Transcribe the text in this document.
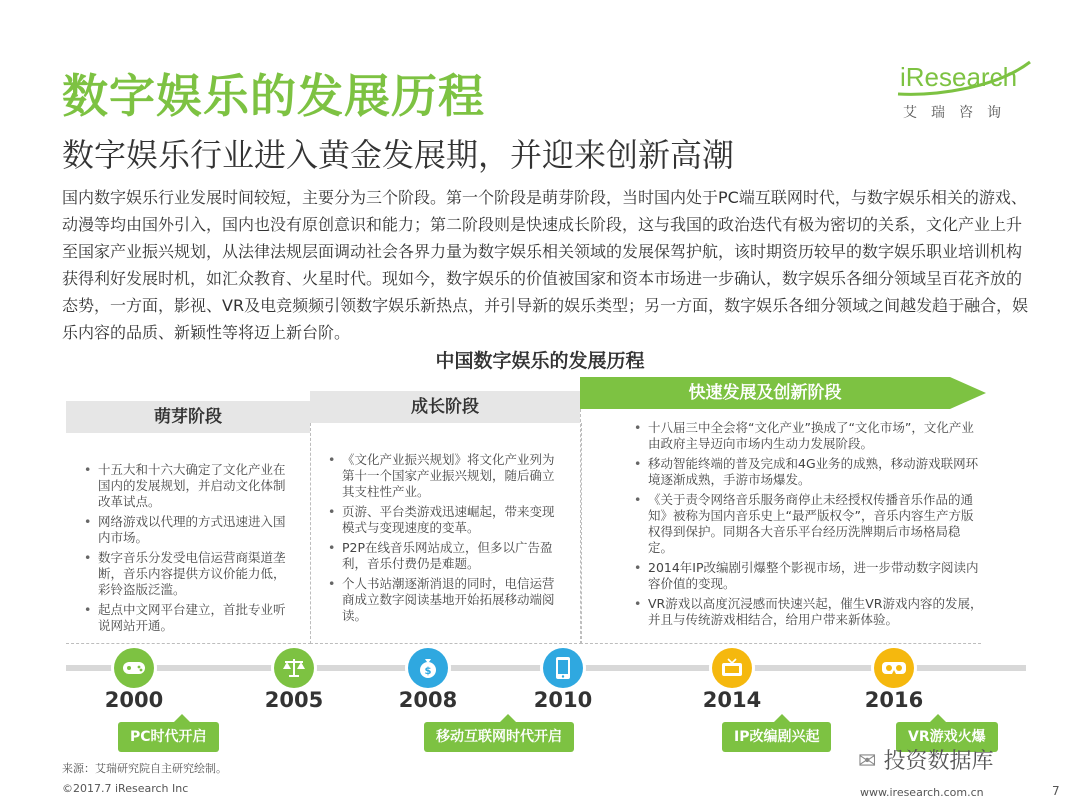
数字娱乐的发展历程
数字娱乐行业进入黄金发展期，并迎来创新高潮
iResearch
艾瑞咨询
国内数字娱乐行业发展时间较短，主要分为三个阶段。第一个阶段是萌芽阶段，当时国内处于PC端互联网时代，与数字娱乐相关的游戏、动漫等均由国外引入，国内也没有原创意识和能力；第二阶段则是快速成长阶段，这与我国的政治迭代有极为密切的关系，文化产业上升至国家产业振兴规划，从法律法规层面调动社会各界力量为数字娱乐相关领域的发展保驾护航，该时期资历较早的数字娱乐职业培训机构获得利好发展时机，如汇众教育、火星时代。现如今，数字娱乐的价值被国家和资本市场进一步确认，数字娱乐各细分领域呈百花齐放的态势，一方面，影视、VR及电竞频频引领数字娱乐新热点，并引导新的娱乐类型；另一方面，数字娱乐各细分领域之间越发趋于融合，娱乐内容的品质、新颖性等将迈上新台阶。
中国数字娱乐的发展历程
萌芽阶段	成长阶段
快速发展及创新阶段
• 十五大和十六大确定了文化产业在国内的发展规划，并启动文化体制改革试点。
• 网络游戏以代理的方式迅速进入国内市场。
• 数字音乐分发受电信运营商渠道垄断，音乐内容提供方议价能力低，彩铃盗版泛滥。
• 起点中文网平台建立，首批专业听说网站开通。
• 《文化产业振兴规划》将文化产业列为第十一个国家产业振兴规划，随后确立其支柱性产业。
• 页游、平台类游戏迅速崛起，带来变现模式与变现速度的变革。
• P2P在线音乐网站成立，但多以广告盈利，音乐付费仍是难题。
• 个人书站潮逐渐消退的同时，电信运营商成立数字阅读基地开始拓展移动端阅读。
• 十八届三中全会将“文化产业”换成了“文化市场”，文化产业由政府主导迈向市场内生动力发展阶段。
• 移动智能终端的普及完成和4G业务的成熟，移动游戏联网环境逐渐成熟，手游市场爆发。
• 《关于责令网络音乐服务商停止未经授权传播音乐作品的通知》被称为国内音乐史上“最严版权令”，音乐内容生产方版权得到保护。同期各大音乐平台经历洗牌期后市场格局稳定。
• 2014年IP改编剧引爆整个影视市场，进一步带动数字阅读内容价值的变现。
• VR游戏以高度沉浸感而快速兴起，催生VR游戏内容的发展，并且与传统游戏相结合，给用户带来新体验。
$
2000	2005	2008	2010	2014	2016
PC时代开启	移动互联网时代开启	IP改编剧兴起	VR游戏火爆
来源：艾瑞研究院自主研究绘制。
©2017.7 iResearch Inc
✉ 投资数据库
www.iresearch.com.cn	7
